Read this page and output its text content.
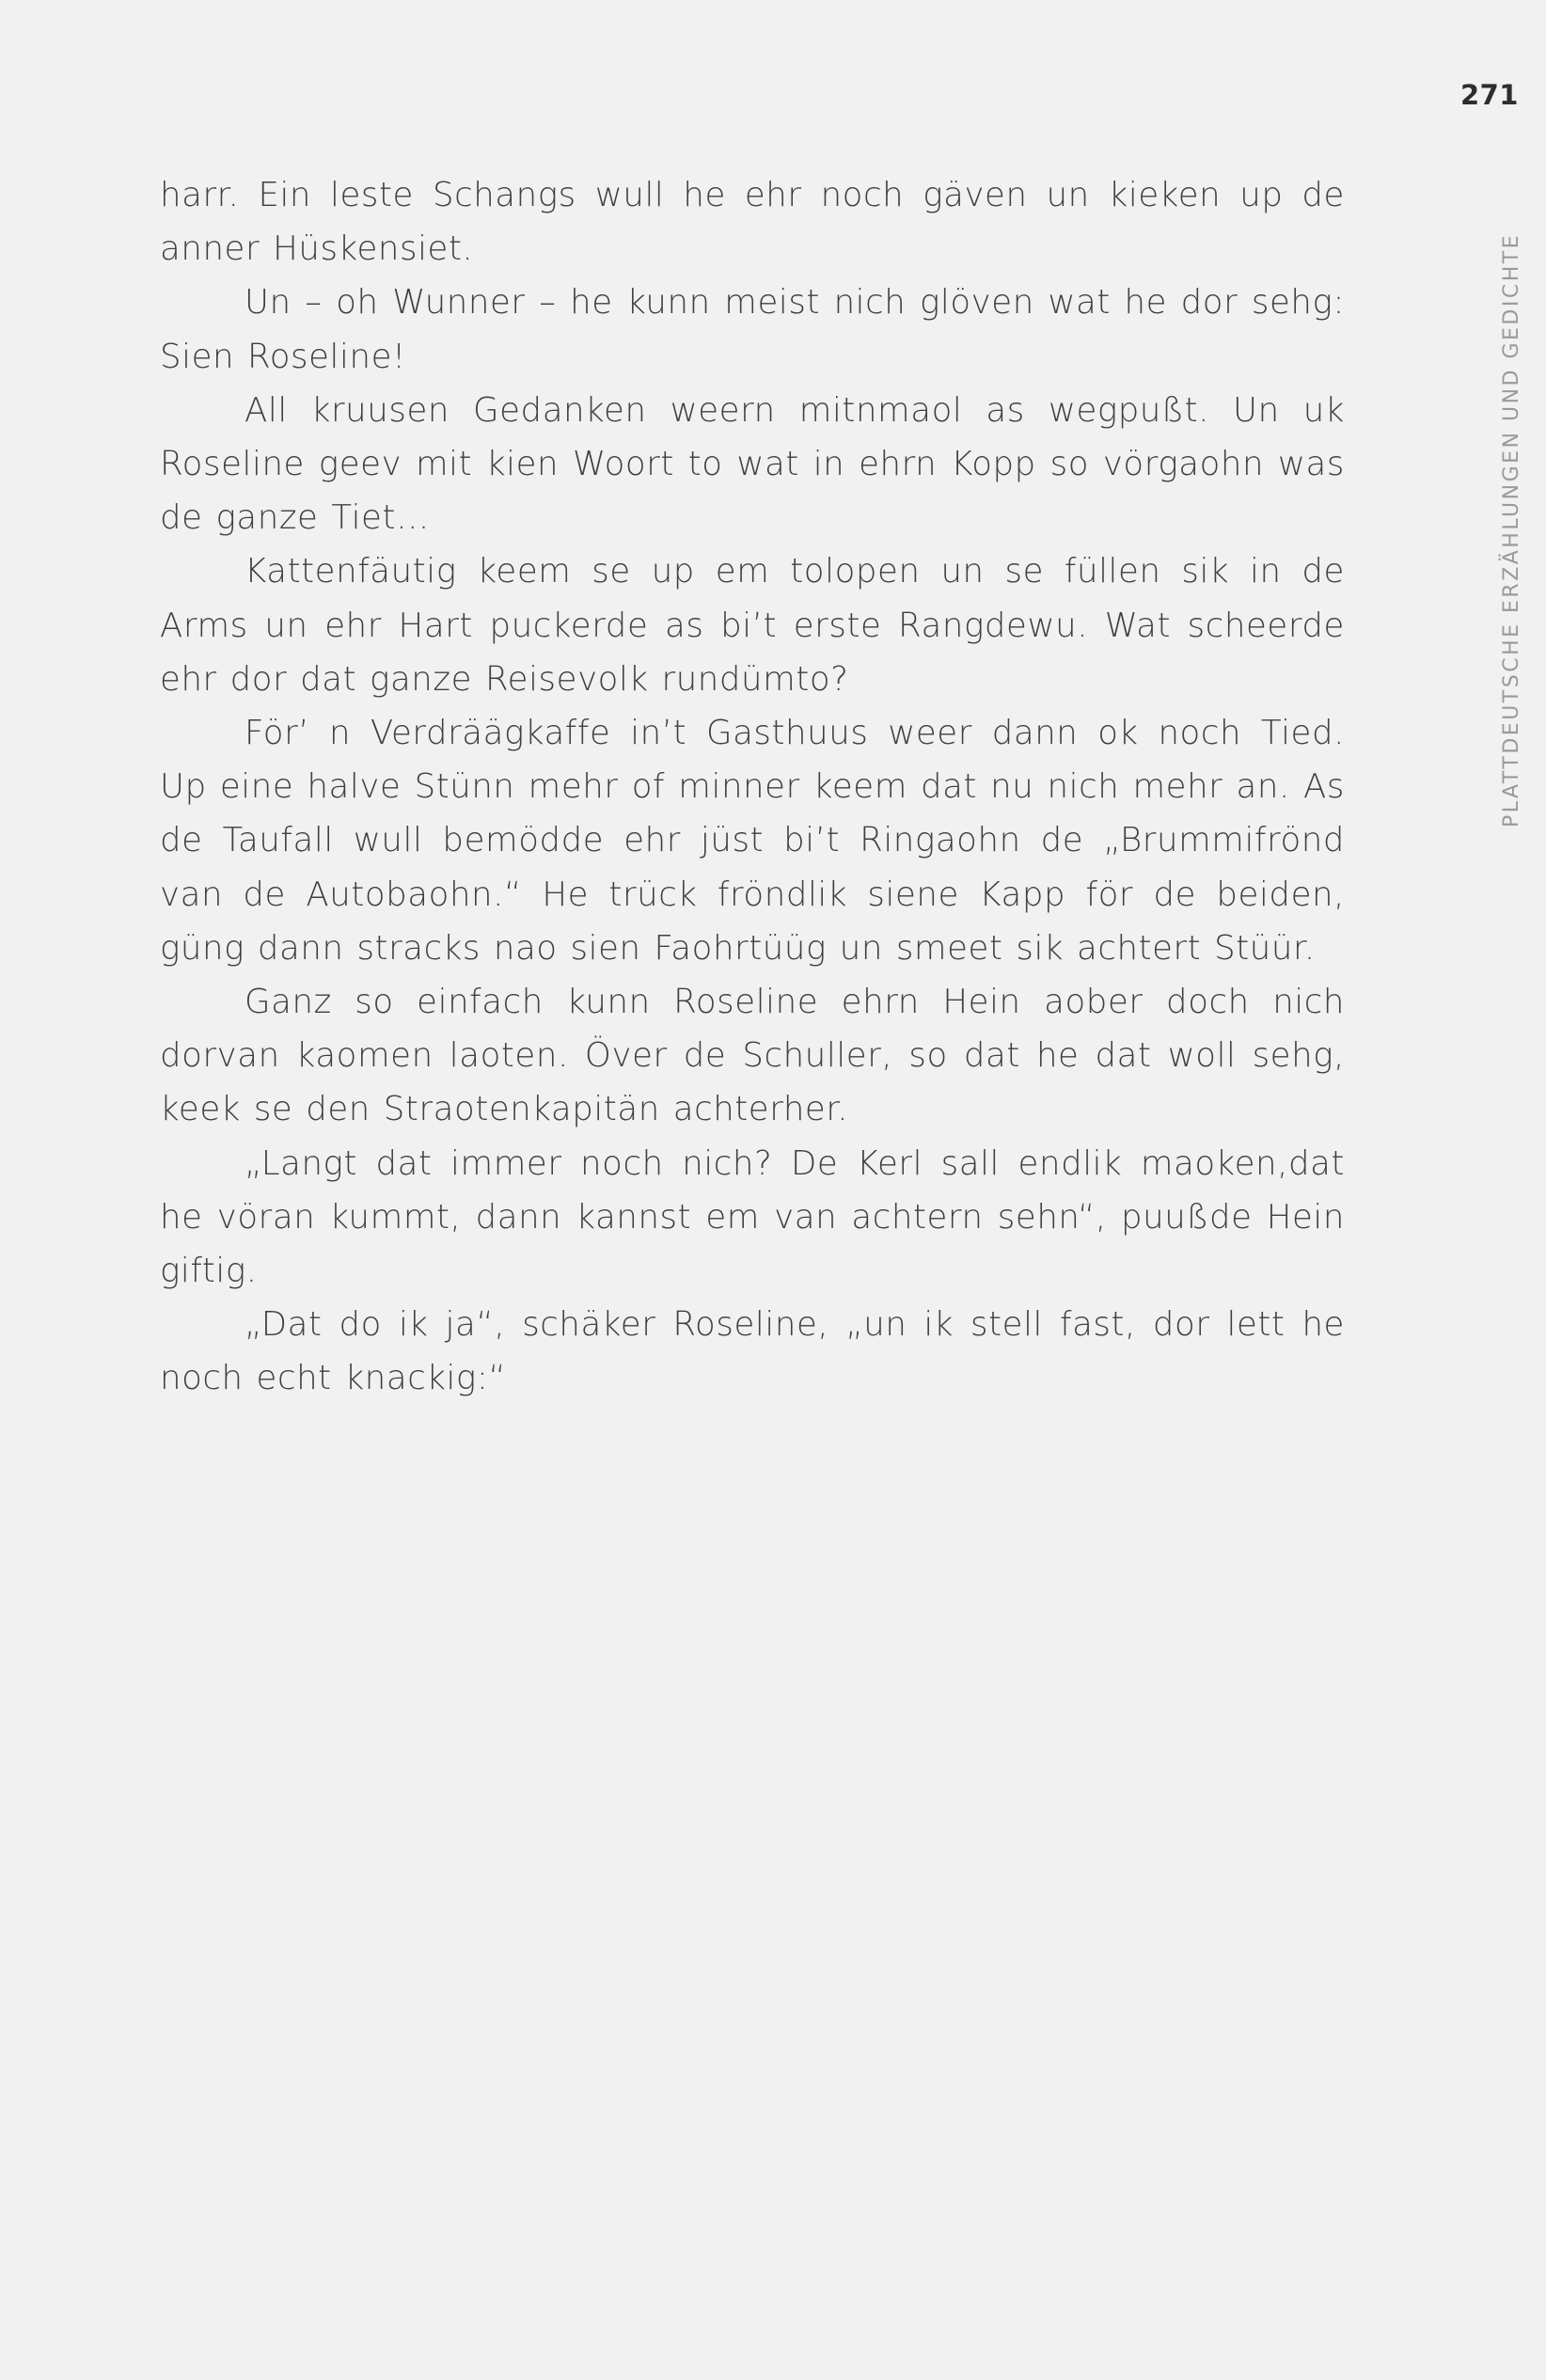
271
PLATTDEUTSCHE ERZÄHLUNGEN UND GEDICHTE

harr. Ein leste Schangs wull he ehr noch gäven un kieken up de anner Hüskensiet.

Un – oh Wunner – he kunn meist nich glöven wat he dor sehg: Sien Roseline!

All kruusen Gedanken weern mitnmaol as wegpußt. Un uk Roseline geev mit kien Woort to wat in ehrn Kopp so vörgaohn was de ganze Tiet…

Kattenfäutig keem se up em tolopen un se füllen sik in de Arms un ehr Hart puckerde as bi’t erste Rangdewu. Wat scheerde ehr dor dat ganze Reisevolk rundümto?

För’ n Verdräägkaffe in’t Gasthuus weer dann ok noch Tied. Up eine halve Stünn mehr of minner keem dat nu nich mehr an. As de Taufall wull bemödde ehr jüst bi’t Ringaohn de „Brummifrönd van de Autobaohn.“ He trück fröndlik siene Kapp för de beiden, güng dann stracks nao sien Faohrtüüg un smeet sik achtert Stüür.

Ganz so einfach kunn Roseline ehrn Hein aober doch nich dorvan kaomen laoten. Över de Schuller, so dat he dat woll sehg, keek se den Straotenkapitän achterher.

„Langt dat immer noch nich? De Kerl sall endlik maoken,dat he vöran kummt, dann kannst em van achtern sehn“, puußde Hein giftig.

„Dat do ik ja“, schäker Roseline, „un ik stell fast, dor lett he noch echt knackig:“
